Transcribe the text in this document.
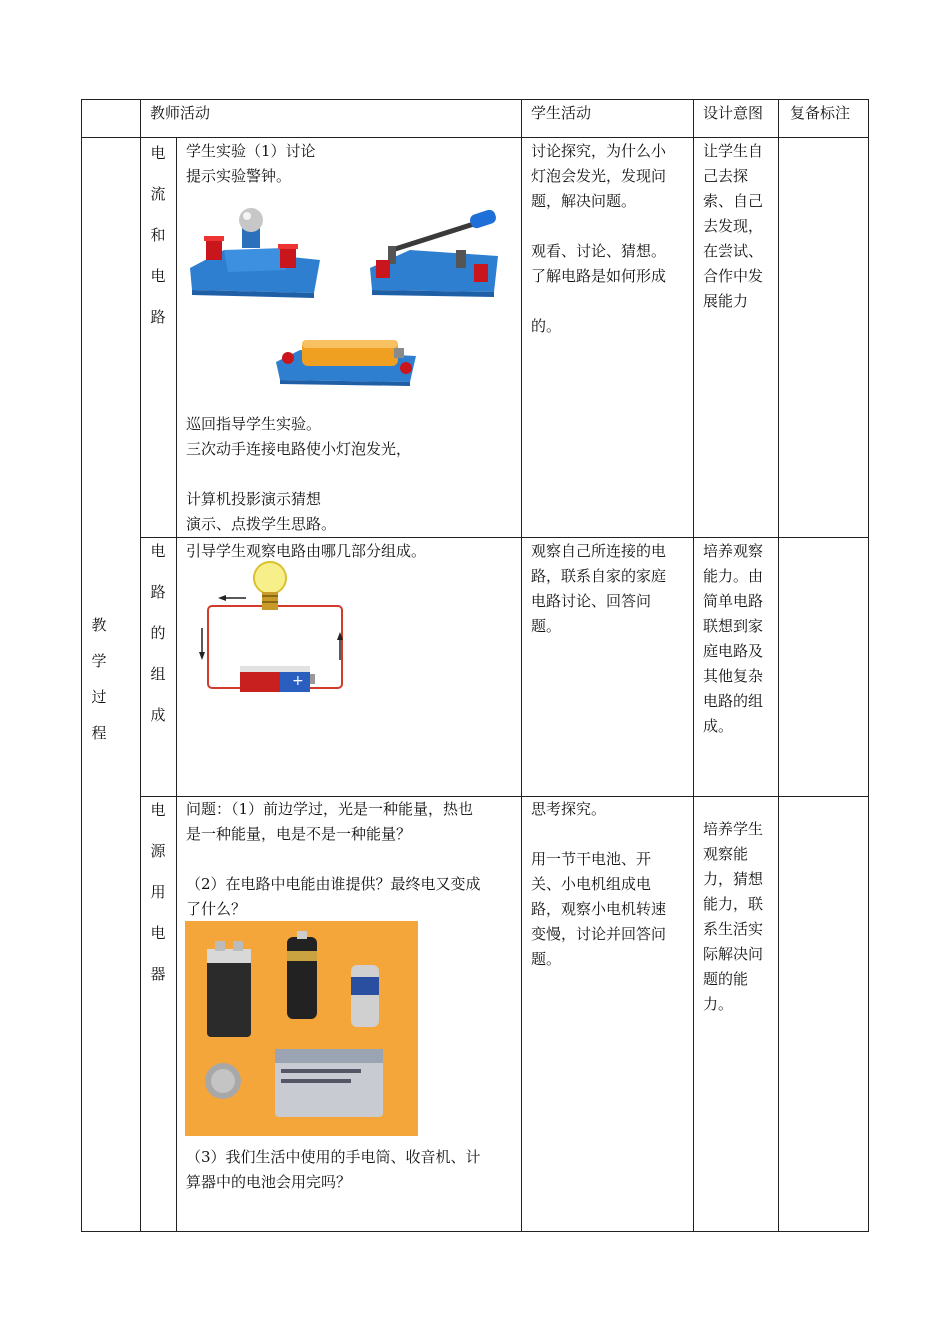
教师活动	学生活动	设计意图 复备标注
教
学
过
程
电
流
和
电
路
学生实验（1）讨论
提示实验警钟。
巡回指导学生实验。
三次动手连接电路使小灯泡发光，

计算机投影演示猜想
演示、点拨学生思路。
讨论探究，为什么小
灯泡会发光，发现问
题，解决问题。

观看、讨论、猜想。
了解电路是如何形成

的。
让学生自
己去探
索、自己
去发现，
在尝试、
合作中发
展能力
电
路
的
组
成
引导学生观察电路由哪几部分组成。
+
观察自己所连接的电
路，联系自家的家庭
电路讨论、回答问
题。
培养观察
能力。由
简单电路
联想到家
庭电路及
其他复杂
电路的组
成。
电
源
用
电
器
问题：（1）前边学过，光是一种能量，热也
是一种能量，电是不是一种能量？

（2）在电路中电能由谁提供？最终电又变成
了什么？
（3）我们生活中使用的手电筒、收音机、计
算器中的电池会用完吗？
思考探究。

用一节干电池、开
关、小电机组成电
路，观察小电机转速
变慢，讨论并回答问
题。
培养学生
观察能
力，猜想
能力，联
系生活实
际解决问
题的能
力。
